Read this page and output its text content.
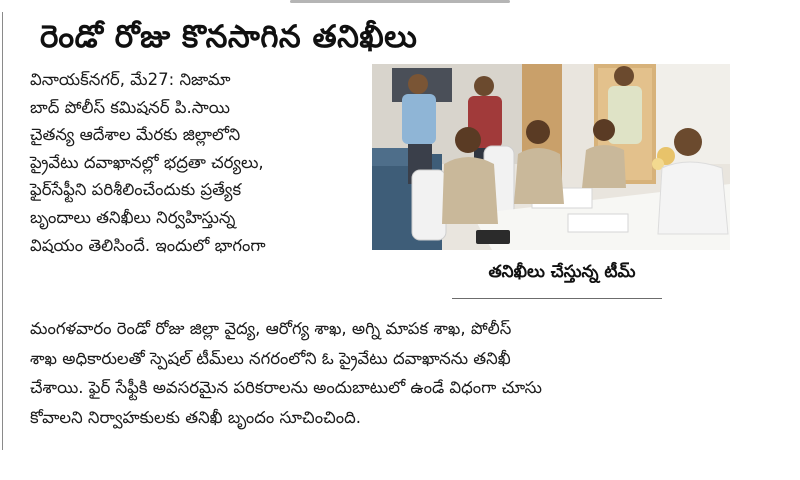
రెండో రోజు కొనసాగిన తనిఖీలు

వినాయక్‌నగర్, మే27: నిజామా

బాద్ పోలీస్ కమిషనర్ పి.సాయి

చైతన్య ఆదేశాల మేరకు జిల్లాలోని

ప్రైవేటు దవాఖానల్లో భద్రతా చర్యలు,

ఫైర్‌సేఫ్టీని పరిశీలించేందుకు ప్రత్యేక

బృందాలు తనిఖీలు నిర్వహిస్తున్న

విషయం తెలిసిందే. ఇందులో భాగంగా

తనిఖీలు చేస్తున్న టీమ్

మంగళవారం రెండో రోజు జిల్లా వైద్య, ఆరోగ్య శాఖ, అగ్ని మాపక శాఖ, పోలీస్

శాఖ అధికారులతో స్పెషల్ టీమ్‌లు నగరంలోని ఓ ప్రైవేటు దవాఖానను తనిఖీ

చేశాయి. ఫైర్ సేఫ్టీకి అవసరమైన పరికరాలను అందుబాటులో ఉండే విధంగా చూసు

కోవాలని నిర్వాహకులకు తనిఖీ బృందం సూచించింది.
